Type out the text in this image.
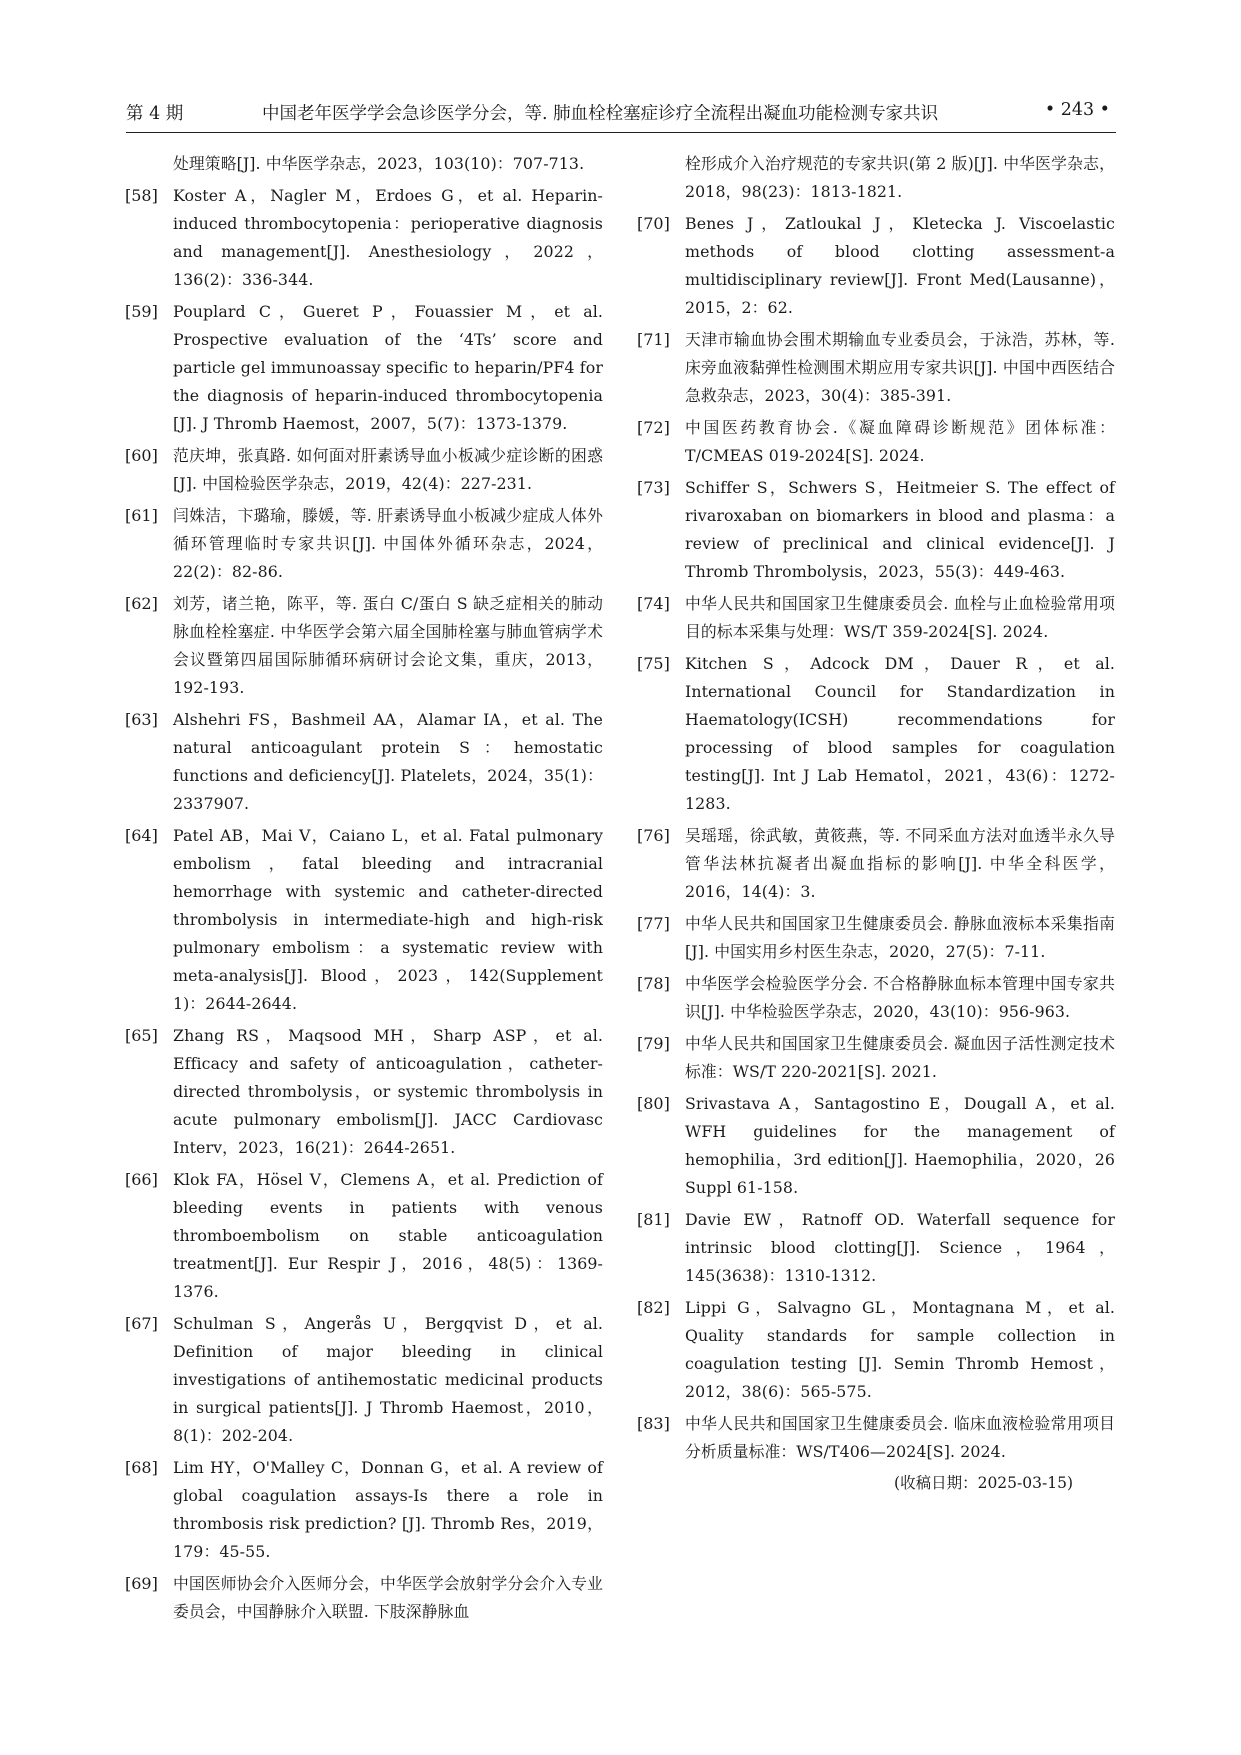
第 4 期	中国老年医学学会急诊医学分会，等. 肺血栓栓塞症诊疗全流程出凝血功能检测专家共识	• 243 •
处理策略[J]. 中华医学杂志，2023，103(10)：707-713.
[58] Koster A，Nagler M，Erdoes G，et al. Heparin-induced thrombocytopenia：perioperative diagnosis and management[J]. Anesthesiology，2022，136(2)：336-344.
[59] Pouplard C，Gueret P，Fouassier M，et al. Prospective evaluation of the ‘4Ts’ score and particle gel immunoassay specific to heparin/PF4 for the diagnosis of heparin-induced thrombocytopenia [J]. J Thromb Haemost，2007，5(7)：1373-1379.
[60] 范庆坤，张真路. 如何面对肝素诱导血小板减少症诊断的困惑[J]. 中国检验医学杂志，2019，42(4)：227-231.
[61] 闫姝洁，卞璐瑜，滕媛，等. 肝素诱导血小板减少症成人体外循环管理临时专家共识[J]. 中国体外循环杂志，2024，22(2)：82-86.
[62] 刘芳，诸兰艳，陈平，等. 蛋白 C/蛋白 S 缺乏症相关的肺动脉血栓栓塞症. 中华医学会第六届全国肺栓塞与肺血管病学术会议暨第四届国际肺循环病研讨会论文集，重庆，2013，192-193.
[63] Alshehri FS，Bashmeil AA，Alamar IA，et al. The natural anticoagulant protein S：hemostatic functions and deficiency[J]. Platelets，2024，35(1)：2337907.
[64] Patel AB，Mai V，Caiano L，et al. Fatal pulmonary embolism，fatal bleeding and intracranial hemorrhage with systemic and catheter-directed thrombolysis in intermediate-high and high-risk pulmonary embolism：a systematic review with meta-analysis[J]. Blood，2023，142(Supplement 1)：2644-2644.
[65] Zhang RS，Maqsood MH，Sharp ASP，et al. Efficacy and safety of anticoagulation，catheter-directed thrombolysis，or systemic thrombolysis in acute pulmonary embolism[J]. JACC Cardiovasc Interv，2023，16(21)：2644-2651.
[66] Klok FA，Hösel V，Clemens A，et al. Prediction of bleeding events in patients with venous thromboembolism on stable anticoagulation treatment[J]. Eur Respir J，2016，48(5)：1369-1376.
[67] Schulman S，Angerås U，Bergqvist D，et al. Definition of major bleeding in clinical investigations of antihemostatic medicinal products in surgical patients[J]. J Thromb Haemost，2010，8(1)：202-204.
[68] Lim HY，O'Malley C，Donnan G，et al. A review of global coagulation assays-Is there a role in thrombosis risk prediction? [J]. Thromb Res，2019，179：45-55.
[69] 中国医师协会介入医师分会，中华医学会放射学分会介入专业委员会，中国静脉介入联盟. 下肢深静脉血
栓形成介入治疗规范的专家共识(第 2 版)[J]. 中华医学杂志，2018，98(23)：1813-1821.
[70] Benes J，Zatloukal J，Kletecka J. Viscoelastic methods of blood clotting assessment-a multidisciplinary review[J]. Front Med(Lausanne)，2015，2：62.
[71] 天津市输血协会围术期输血专业委员会，于泳浩，苏林，等. 床旁血液黏弹性检测围术期应用专家共识[J]. 中国中西医结合急救杂志，2023，30(4)：385-391.
[72] 中国医药教育协会.《凝血障碍诊断规范》团体标准：T/CMEAS 019-2024[S]. 2024.
[73] Schiffer S，Schwers S，Heitmeier S. The effect of rivaroxaban on biomarkers in blood and plasma：a review of preclinical and clinical evidence[J]. J Thromb Thrombolysis，2023，55(3)：449-463.
[74] 中华人民共和国国家卫生健康委员会. 血栓与止血检验常用项目的标本采集与处理：WS/T 359-2024[S]. 2024.
[75] Kitchen S，Adcock DM，Dauer R，et al. International Council for Standardization in Haematology(ICSH) recommendations for processing of blood samples for coagulation testing[J]. Int J Lab Hematol，2021，43(6)：1272-1283.
[76] 吴瑶瑶，徐武敏，黄筱燕，等. 不同采血方法对血透半永久导管华法林抗凝者出凝血指标的影响[J]. 中华全科医学，2016，14(4)：3.
[77] 中华人民共和国国家卫生健康委员会. 静脉血液标本采集指南[J]. 中国实用乡村医生杂志，2020，27(5)：7-11.
[78] 中华医学会检验医学分会. 不合格静脉血标本管理中国专家共识[J]. 中华检验医学杂志，2020，43(10)：956-963.
[79] 中华人民共和国国家卫生健康委员会. 凝血因子活性测定技术标准：WS/T 220-2021[S]. 2021.
[80] Srivastava A，Santagostino E，Dougall A，et al. WFH guidelines for the management of hemophilia，3rd edition[J]. Haemophilia，2020，26 Suppl 61-158.
[81] Davie EW，Ratnoff OD. Waterfall sequence for intrinsic blood clotting[J]. Science，1964，145(3638)：1310-1312.
[82] Lippi G，Salvagno GL，Montagnana M，et al. Quality standards for sample collection in coagulation testing [J]. Semin Thromb Hemost，2012，38(6)：565-575.
[83] 中华人民共和国国家卫生健康委员会. 临床血液检验常用项目分析质量标准：WS/T406—2024[S]. 2024.
(收稿日期：2025-03-15)
